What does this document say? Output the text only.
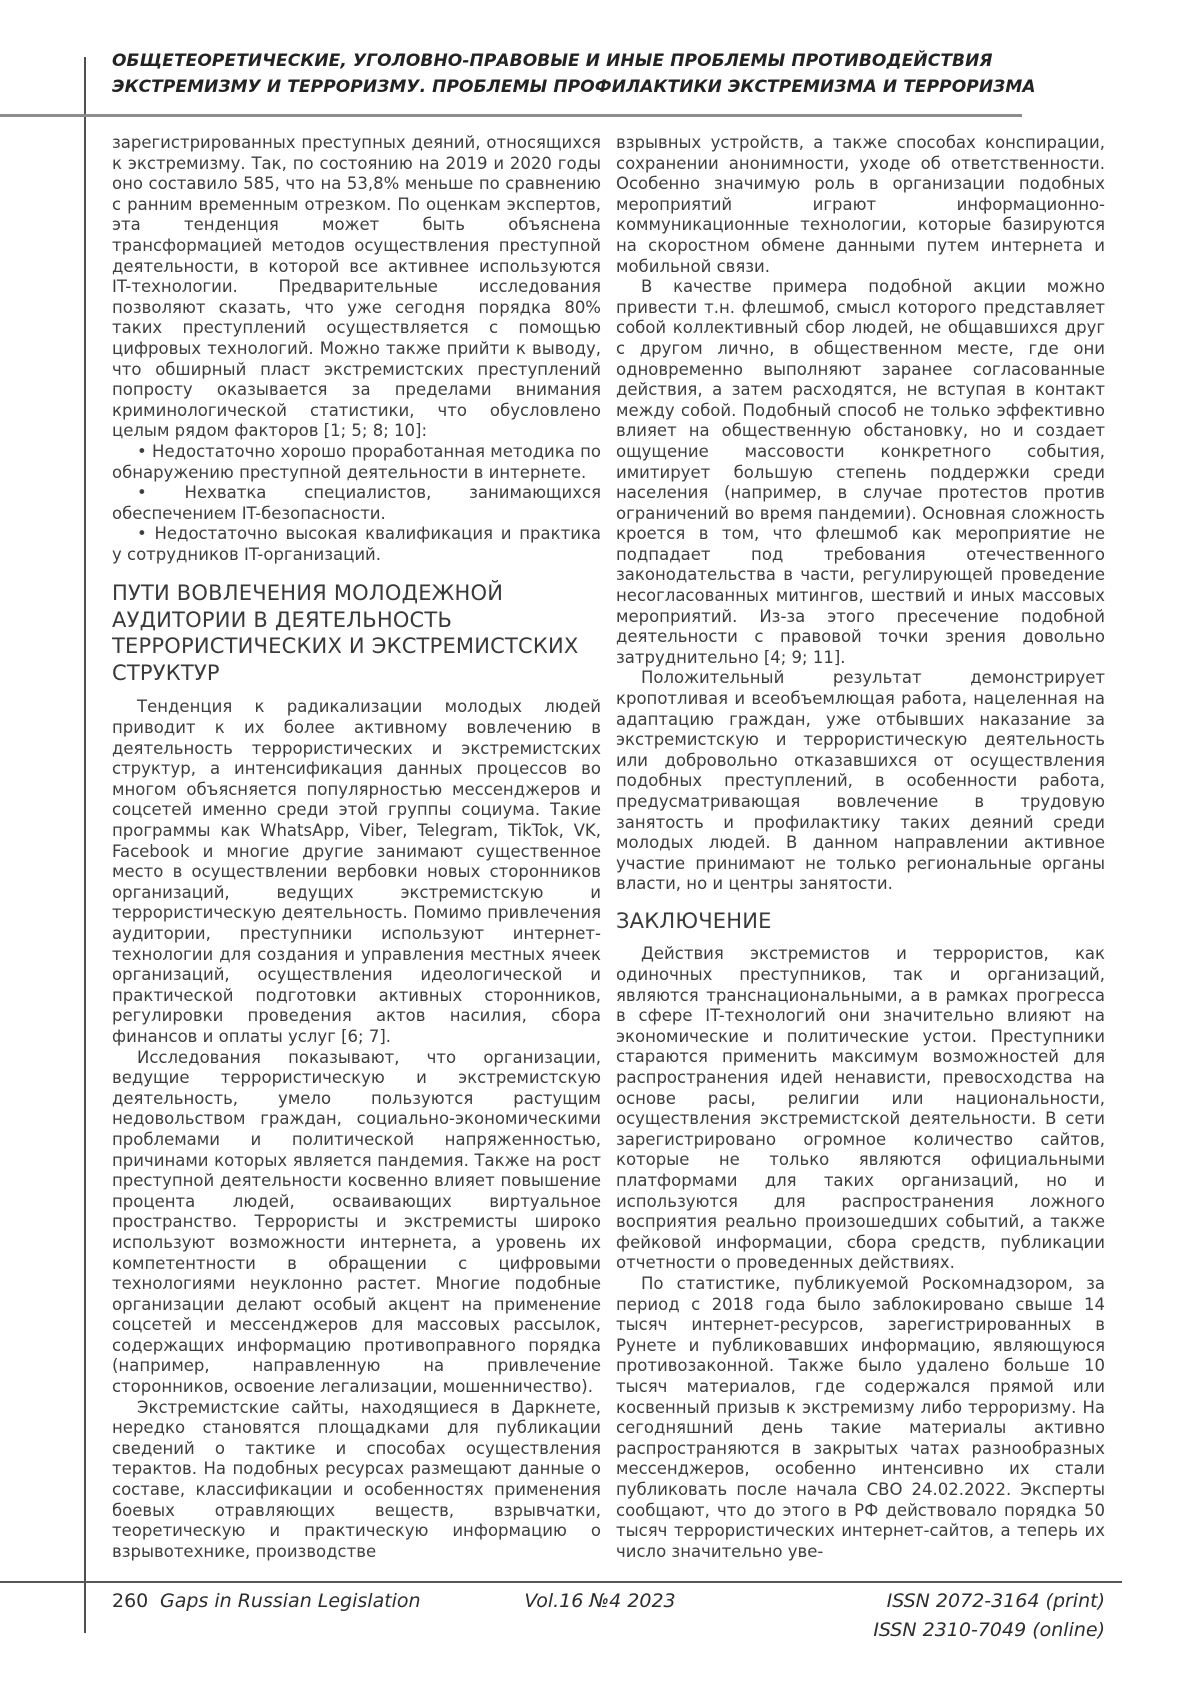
ОБЩЕТЕОРЕТИЧЕСКИЕ, УГОЛОВНО-ПРАВОВЫЕ И ИНЫЕ ПРОБЛЕМЫ ПРОТИВОДЕЙСТВИЯ
ЭКСТРЕМИЗМУ И ТЕРРОРИЗМУ. ПРОБЛЕМЫ ПРОФИЛАКТИКИ ЭКСТРЕМИЗМА И ТЕРРОРИЗМА

зарегистрированных преступных деяний, относящихся к экстремизму. Так, по состоянию на 2019 и 2020 годы оно составило 585, что на 53,8% меньше по сравнению с ранним временным отрезком. По оценкам экспертов, эта тенденция может быть объяснена трансформацией методов осуществления преступной деятельности, в которой все активнее используются IT-технологии. Предварительные исследования позволяют сказать, что уже сегодня порядка 80% таких преступлений осуществляется с помощью цифровых технологий. Можно также прийти к выводу, что обширный пласт экстремистских преступлений попросту оказывается за пределами внимания криминологической статистики, что обусловлено целым рядом факторов [1; 5; 8; 10]:

• Недостаточно хорошо проработанная методика по обнаружению преступной деятельности в интернете.

• Нехватка специалистов, занимающихся обеспечением IT-безопасности.

• Недостаточно высокая квалификация и практика у сотрудников IT-организаций.

ПУТИ ВОВЛЕЧЕНИЯ МОЛОДЕЖНОЙ
АУДИТОРИИ В ДЕЯТЕЛЬНОСТЬ
ТЕРРОРИСТИЧЕСКИХ И ЭКСТРЕМИСТСКИХ
СТРУКТУР

Тенденция к радикализации молодых людей приводит к их более активному вовлечению в деятельность террористических и экстремистских структур, а интенсификация данных процессов во многом объясняется популярностью мессенджеров и соцсетей именно среди этой группы социума. Такие программы как WhatsApp, Viber, Telegram, TikTok, VK, Facebook и многие другие занимают существенное место в осуществлении вербовки новых сторонников организаций, ведущих экстремистскую и террористическую деятельность. Помимо привлечения аудитории, преступники используют интернет-технологии для создания и управления местных ячеек организаций, осуществления идеологической и практической подготовки активных сторонников, регулировки проведения актов насилия, сбора финансов и оплаты услуг [6; 7].

Исследования показывают, что организации, ведущие террористическую и экстремистскую деятельность, умело пользуются растущим недовольством граждан, социально-экономическими проблемами и политической напряженностью, причинами которых является пандемия. Также на рост преступной деятельности косвенно влияет повышение процента людей, осваивающих виртуальное пространство. Террористы и экстремисты широко используют возможности интернета, а уровень их компетентности в обращении с цифровыми технологиями неуклонно растет. Многие подобные организации делают особый акцент на применение соцсетей и мессенджеров для массовых рассылок, содержащих информацию противоправного порядка (например, направленную на привлечение сторонников, освоение легализации, мошенничество).

Экстремистские сайты, находящиеся в Даркнете, нередко становятся площадками для публикации сведений о тактике и способах осуществления терактов. На подобных ресурсах размещают данные о составе, классификации и особенностях применения боевых отравляющих веществ, взрывчатки, теоретическую и практическую информацию о взрывотехнике, производстве

взрывных устройств, а также способах конспирации, сохранении анонимности, уходе об ответственности. Особенно значимую роль в организации подобных мероприятий играют информационно-коммуникационные технологии, которые базируются на скоростном обмене данными путем интернета и мобильной связи.

В качестве примера подобной акции можно привести т.н. флешмоб, смысл которого представляет собой коллективный сбор людей, не общавшихся друг с другом лично, в общественном месте, где они одновременно выполняют заранее согласованные действия, а затем расходятся, не вступая в контакт между собой. Подобный способ не только эффективно влияет на общественную обстановку, но и создает ощущение массовости конкретного события, имитирует большую степень поддержки среди населения (например, в случае протестов против ограничений во время пандемии). Основная сложность кроется в том, что флешмоб как мероприятие не подпадает под требования отечественного законодательства в части, регулирующей проведение несогласованных митингов, шествий и иных массовых мероприятий. Из-за этого пресечение подобной деятельности с правовой точки зрения довольно затруднительно [4; 9; 11].

Положительный результат демонстрирует кропотливая и всеобъемлющая работа, нацеленная на адаптацию граждан, уже отбывших наказание за экстремистскую и террористическую деятельность или добровольно отказавшихся от осуществления подобных преступлений, в особенности работа, предусматривающая вовлечение в трудовую занятость и профилактику таких деяний среди молодых людей. В данном направлении активное участие принимают не только региональные органы власти, но и центры занятости.

ЗАКЛЮЧЕНИЕ

Действия экстремистов и террористов, как одиночных преступников, так и организаций, являются транснациональными, а в рамках прогресса в сфере IT-технологий они значительно влияют на экономические и политические устои. Преступники стараются применить максимум возможностей для распространения идей ненависти, превосходства на основе расы, религии или национальности, осуществления экстремистской деятельности. В сети зарегистрировано огромное количество сайтов, которые не только являются официальными платформами для таких организаций, но и используются для распространения ложного восприятия реально произошедших событий, а также фейковой информации, сбора средств, публикации отчетности о проведенных действиях.

По статистике, публикуемой Роскомнадзором, за период с 2018 года было заблокировано свыше 14 тысяч интернет-ресурсов, зарегистрированных в Рунете и публиковавших информацию, являющуюся противозаконной. Также было удалено больше 10 тысяч материалов, где содержался прямой или косвенный призыв к экстремизму либо терроризму. На сегодняшний день такие материалы активно распространяются в закрытых чатах разнообразных мессенджеров, особенно интенсивно их стали публиковать после начала СВО 24.02.2022. Эксперты сообщают, что до этого в РФ действовало порядка 50 тысяч террористических интернет-сайтов, а теперь их число значительно уве-

260 Gaps in Russian Legislation	Vol.16 №4 2023	ISSN 2072-3164 (print)
ISSN 2310-7049 (online)
